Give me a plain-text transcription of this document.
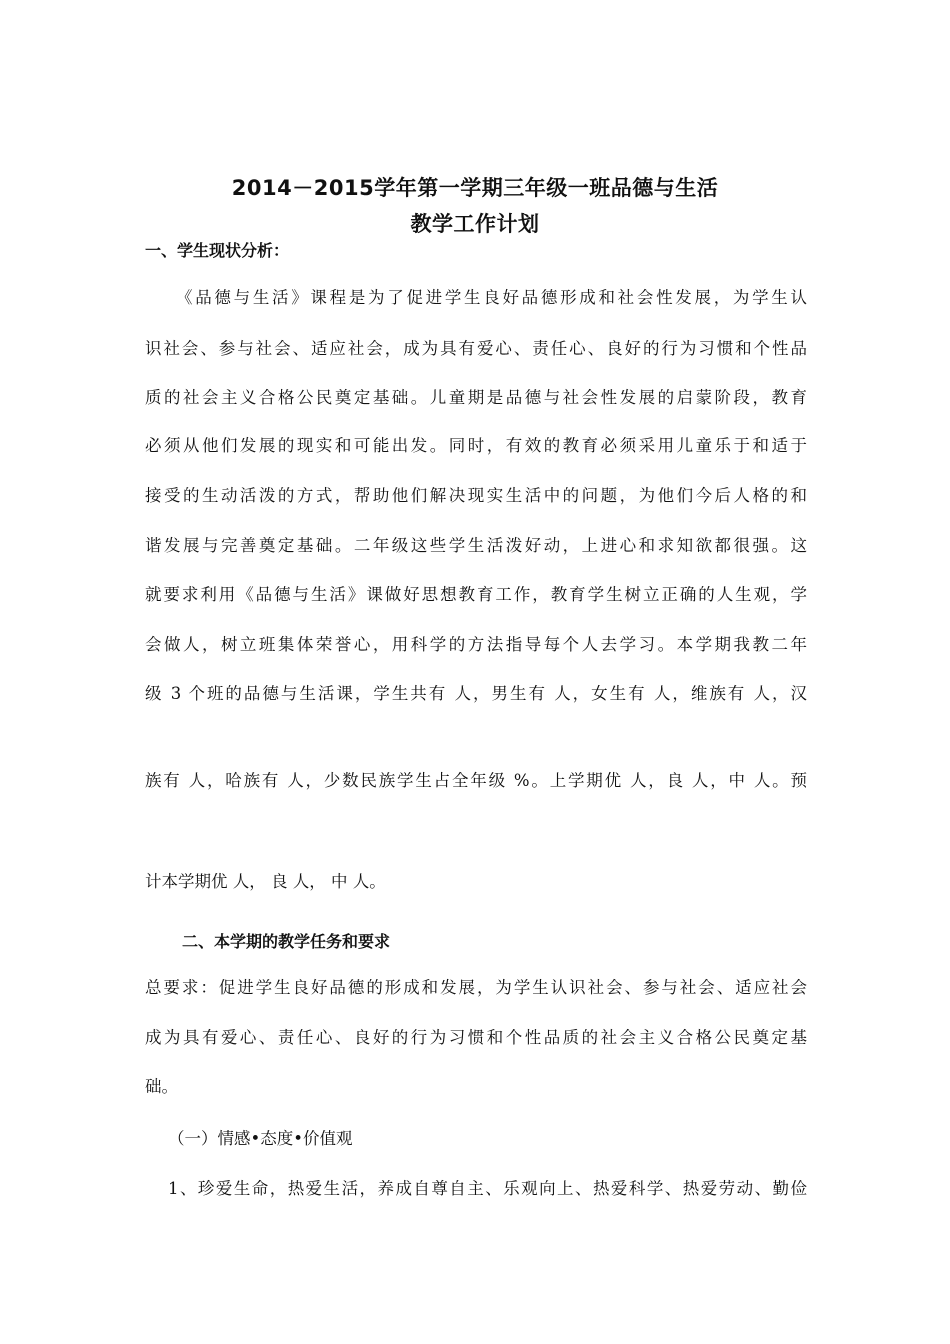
2014－2015学年第一学期三年级一班品德与生活
教学工作计划
一、学生现状分析：
《品德与生活》课程是为了促进学生良好品德形成和社会性发展，为学生认
识社会、参与社会、适应社会，成为具有爱心、责任心、良好的行为习惯和个性品
质的社会主义合格公民奠定基础。儿童期是品德与社会性发展的启蒙阶段，教育
必须从他们发展的现实和可能出发。同时，有效的教育必须采用儿童乐于和适于
接受的生动活泼的方式，帮助他们解决现实生活中的问题，为他们今后人格的和
谐发展与完善奠定基础。二年级这些学生活泼好动，上进心和求知欲都很强。这
就要求利用《品德与生活》课做好思想教育工作，教育学生树立正确的人生观，学
会做人，树立班集体荣誉心，用科学的方法指导每个人去学习。本学期我教二年
级 3 个班的品德与生活课，学生共有 人，男生有 人，女生有 人，维族有 人，汉
族有 人，哈族有 人，少数民族学生占全年级 %。上学期优 人，良 人，中 人。预
计本学期优 人， 良 人， 中 人。
二、本学期的教学任务和要求
总要求：促进学生良好品德的形成和发展，为学生认识社会、参与社会、适应社会
成为具有爱心、责任心、良好的行为习惯和个性品质的社会主义合格公民奠定基
础。
（一）情感•态度•价值观
1、珍爱生命，热爱生活，养成自尊自主、乐观向上、热爱科学、热爱劳动、勤俭
